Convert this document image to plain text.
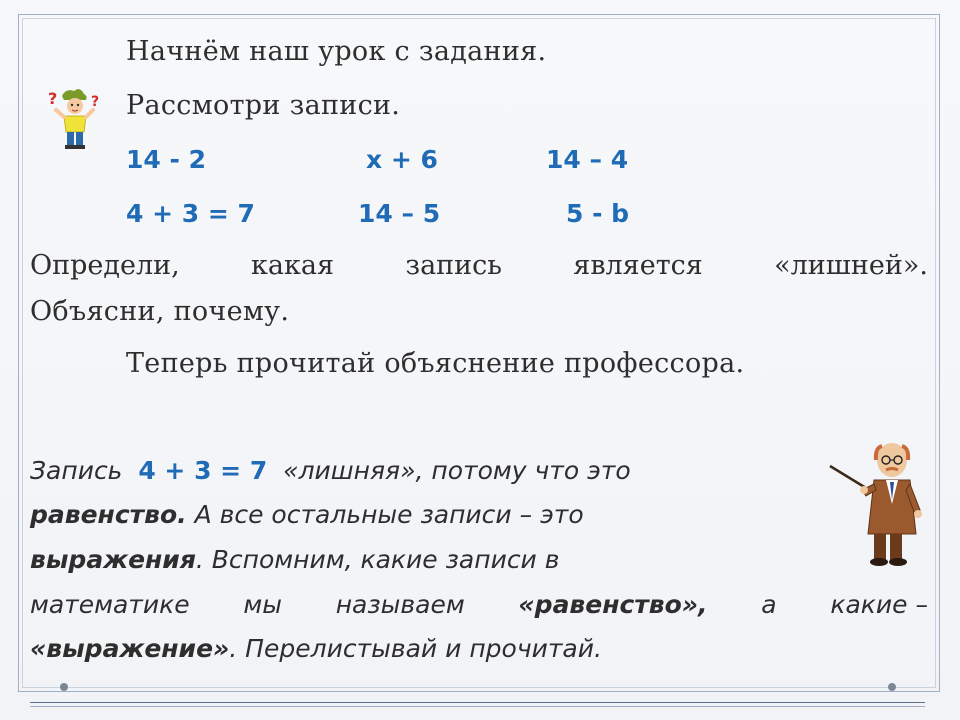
? ?
Начнём наш урок с задания.
Рассмотри записи.
14 - 2	x + 6	14 – 4
4 + 3 = 7	14 – 5	5 - b
Определи,	какая	запись	является	«лишней».
Объясни, почему.
Теперь прочитай объяснение профессора.
Запись  4 + 3 = 7  «лишняя», потому что это
равенство. А все остальные записи – это
выражения. Вспомним, какие записи в
математике мы называем «равенство», а какие –
«выражение». Перелистывай и прочитай.
